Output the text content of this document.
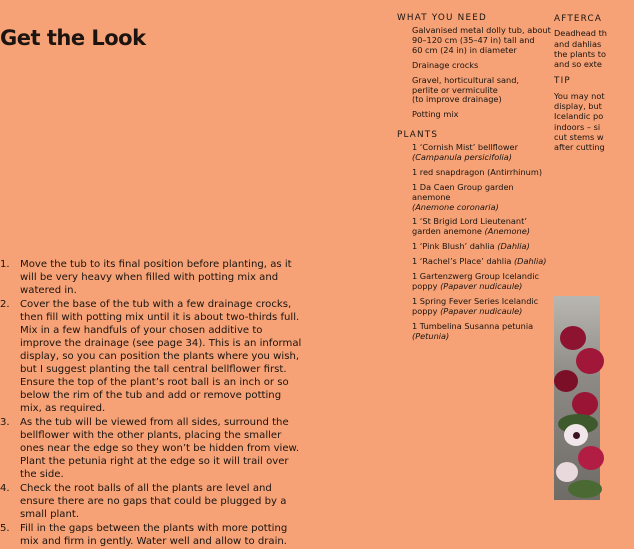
Get the Look
WHAT YOU NEED
Galvanised metal dolly tub, about
90–120 cm (35–47 in) tall and
60 cm (24 in) in diameter
Drainage crocks
Gravel, horticultural sand,
perlite or vermiculite
(to improve drainage)
Potting mix
PLANTS
1 ‘Cornish Mist’ bellflower
(Campanula persicifolia)
1 red snapdragon (Antirrhinum)
1 Da Caen Group garden anemone
(Anemone coronaria)
1 ‘St Brigid Lord Lieutenant’
garden anemone (Anemone)
1 ‘Pink Blush’ dahlia (Dahlia)
1 ‘Rachel’s Place’ dahlia (Dahlia)
1 Gartenzwerg Group Icelandic
poppy (Papaver nudicaule)
1 Spring Fever Series Icelandic
poppy (Papaver nudicaule)
1 Tumbelina Susanna petunia
(Petunia)
AFTERCA
Deadhead th
and dahlias
the plants to
and so exte
TIP
You may not
display, but
Icelandic po
indoors – si
cut stems w
after cutting
1. Move the tub to its final position before planting, as it will be very heavy when filled with potting mix and watered in.
2. Cover the base of the tub with a few drainage crocks, then fill with potting mix until it is about two-thirds full. Mix in a few handfuls of your chosen additive to improve the drainage (see page 34). This is an informal display, so you can position the plants where you wish, but I suggest planting the tall central bellflower first. Ensure the top of the plant’s root ball is an inch or so below the rim of the tub and add or remove potting mix, as required.
3. As the tub will be viewed from all sides, surround the bellflower with the other plants, placing the smaller ones near the edge so they won’t be hidden from view. Plant the petunia right at the edge so it will trail over the side.
4. Check the root balls of all the plants are level and ensure there are no gaps that could be plugged by a small plant.
5. Fill in the gaps between the plants with more potting mix and firm in gently. Water well and allow to drain.
